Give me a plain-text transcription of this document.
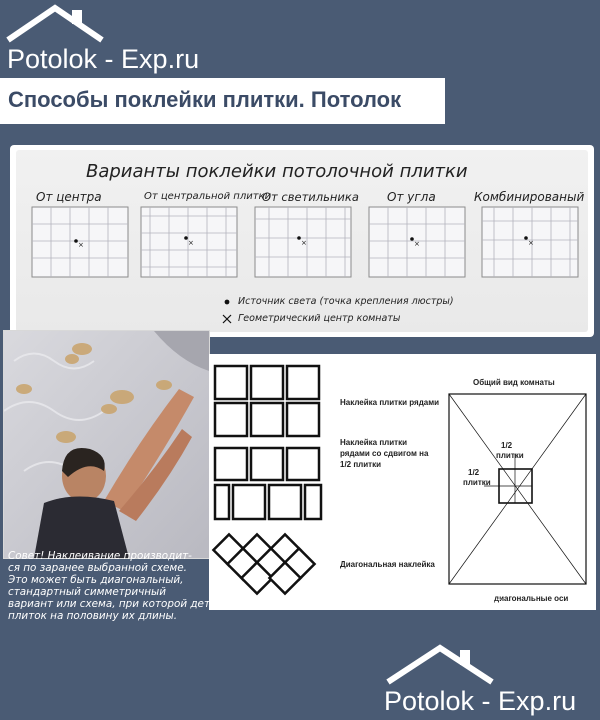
Potolok - Exp.ru
Способы поклейки плитки. Потолок
Варианты поклейки потолочной плитки
От центра	От центральной плитки
От светильника От угла	Комбинированый
×	×	×	×	×
Источник света (точка крепления люстры)
Геометрический центр комнаты
Наклейка плитки рядами
Наклейка плитки
рядами со сдвигом на
1/2 плитки
Диагональная наклейка
Общий вид комнаты
1/2
плитки
1/2
плитки
диагональные оси
Совет! Наклеивание производит-
ся по заранее выбранной схеме.
Это может быть диагональный,
стандартный симметричный
вариант или схема, при которой детали прикрепляются «в разбежку», смещая соседний ряд
плиток на половину их длины.
Potolok - Exp.ru
